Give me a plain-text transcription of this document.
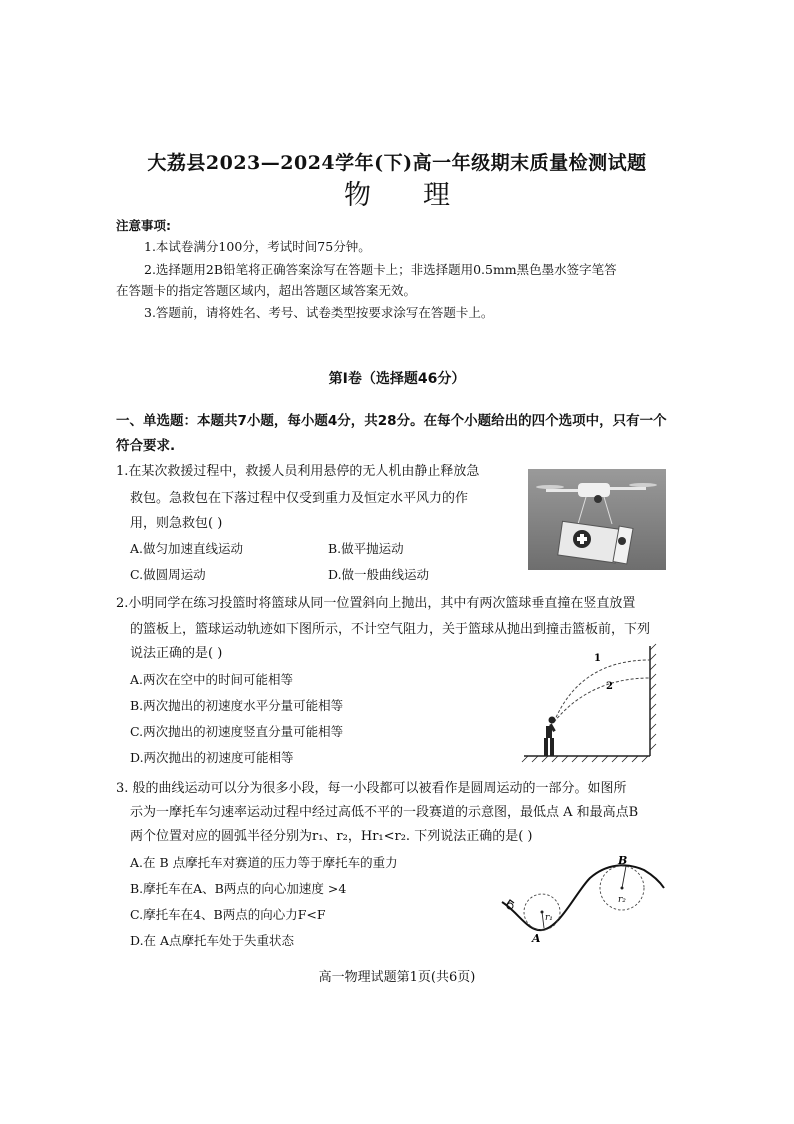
大荔县2023—2024学年(下)高一年级期末质量检测试题
物理
注意事项:
1.本试卷满分100分，考试时间75分钟。
2.选择题用2B铅笔将正确答案涂写在答题卡上；非选择题用0.5mm黑色墨水签字笔答
在答题卡的指定答题区域内，超出答题区域答案无效。
3.答题前，请将姓名、考号、试卷类型按要求涂写在答题卡上。
第Ⅰ卷（选择题46分）
一、单选题：本题共7小题，每小题4分，共28分。在每个小题给出的四个选项中，只有一个
符合要求.
1.在某次救援过程中，救援人员利用悬停的无人机由静止释放急
救包。急救包在下落过程中仅受到重力及恒定水平风力的作
用，则急救包( )
A.做匀加速直线运动	B.做平抛运动
C.做圆周运动	D.做一般曲线运动
2.小明同学在练习投篮时将篮球从同一位置斜向上抛出，其中有两次篮球垂直撞在竖直放置
的篮板上，篮球运动轨迹如下图所示，不计空气阻力，关于篮球从抛出到撞击篮板前，下列
说法正确的是( )
A.两次在空中的时间可能相等
B.两次抛出的初速度水平分量可能相等
C.两次抛出的初速度竖直分量可能相等
D.两次抛出的初速度可能相等
1
2
3. 般的曲线运动可以分为很多小段，每一小段都可以被看作是圆周运动的一部分。如图所
示为一摩托车匀速率运动过程中经过高低不平的一段赛道的示意图，最低点 A 和最高点B
两个位置对应的圆弧半径分别为r₁、r₂，Hr₁<r₂. 下列说法正确的是( )
A.在 B 点摩托车对赛道的压力等于摩托车的重力
B.摩托车在A、B两点的向心加速度 >4
C.摩托车在4、B两点的向心力F<F
D.在 A点摩托车处于失重状态
B
A
r₁
r₂
高一物理试题第1页(共6页)
